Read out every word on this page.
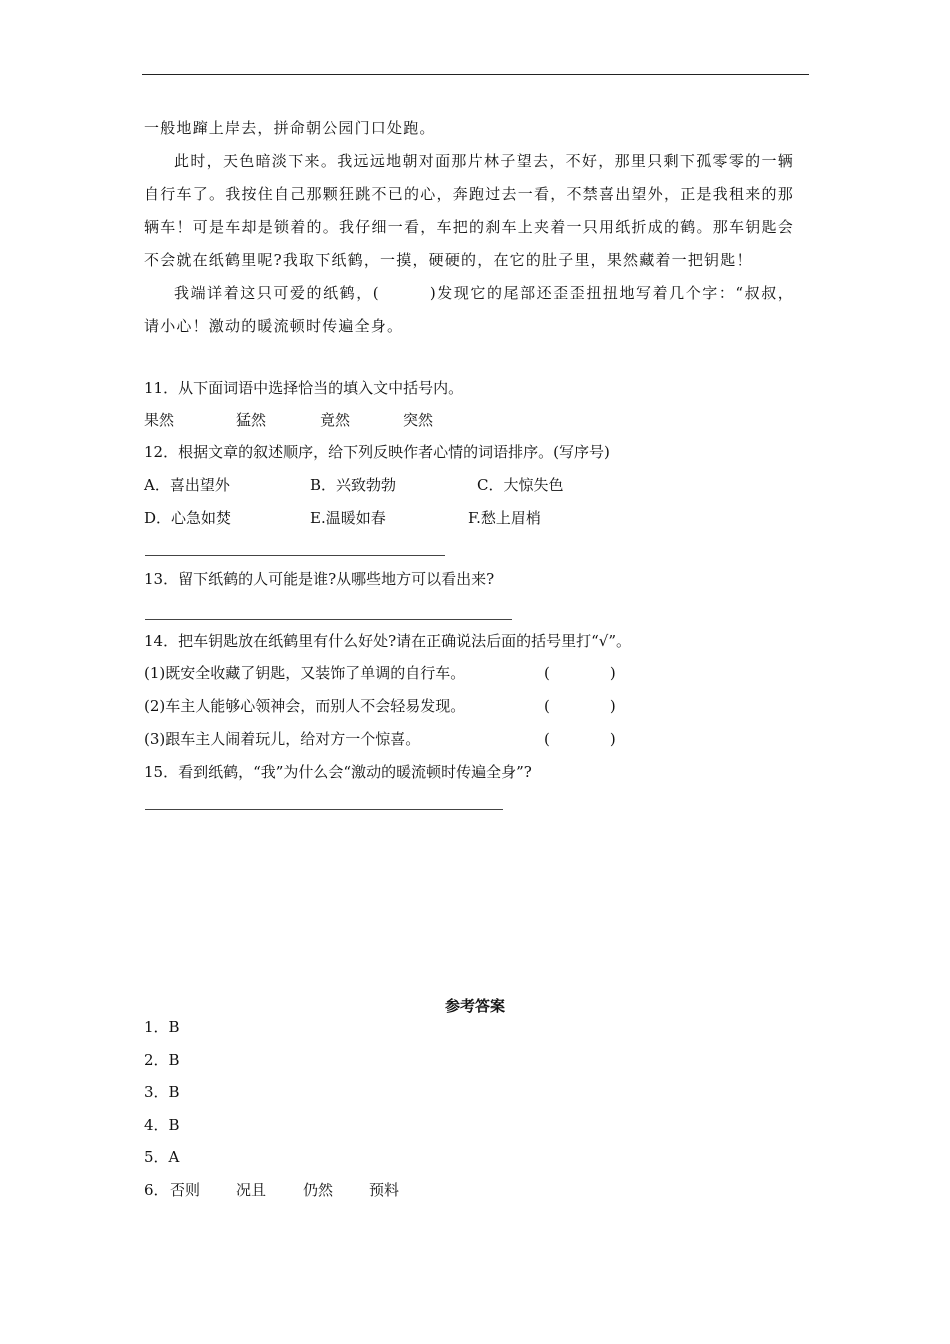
一般地蹿上岸去，拼命朝公园门口处跑。

此时，天色暗淡下来。我远远地朝对面那片林子望去，不好，那里只剩下孤零零的一辆自行车了。我按住自己那颗狂跳不已的心，奔跑过去一看，不禁喜出望外，正是我租来的那辆车！可是车却是锁着的。我仔细一看，车把的刹车上夹着一只用纸折成的鹤。那车钥匙会不会就在纸鹤里呢?我取下纸鹤，一摸，硬硬的，在它的肚子里，果然藏着一把钥匙！

我端详着这只可爱的纸鹤，(　　　)发现它的尾部还歪歪扭扭地写着几个字：“叔叔，请小心！激动的暖流顿时传遍全身。

11．从下面词语中选择恰当的填入文中括号内。
果然	猛然	竟然	突然
12．根据文章的叙述顺序，给下列反映作者心情的词语排序。(写序号)
A．喜出望外	B．兴致勃勃	C．大惊失色
D．心急如焚	E.温暖如春	F.愁上眉梢
13．留下纸鹤的人可能是谁?从哪些地方可以看出来?
14．把车钥匙放在纸鹤里有什么好处?请在正确说法后面的括号里打“√”。
(1)既安全收藏了钥匙，又装饰了单调的自行车。	(　　　　)
(2)车主人能够心领神会，而别人不会轻易发现。	(　　　　)
(3)跟车主人闹着玩儿，给对方一个惊喜。	(　　　　)
15．看到纸鹤，“我”为什么会“激动的暖流顿时传遍全身”?
参考答案
1．B
2．B
3．B
4．B
5．A
6． 否则 况且 仍然 预料
